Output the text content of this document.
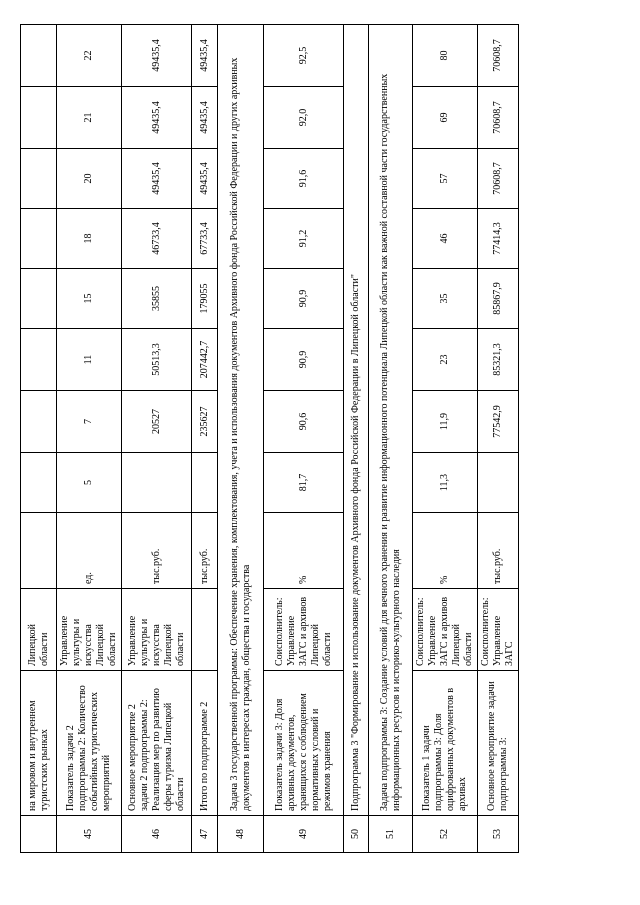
	на мировом и внутреннем туристских рынках	Липецкой области									
45	Показатель задачи 2 подпрограммы 2: Количество событийных туристических мероприятий	Управление культуры и искусства Липецкой области	ед.	5	7	11	15	18	20	21	22
46	Основное мероприятие 2 задачи 2 подпрограммы 2: Реализация мер по развитию сферы туризма Липецкой области	Управление культуры и искусства Липецкой области	тыс.руб.		20527	50513,3	35855	46733,4	49435,4	49435,4	49435,4
47	Итого по подпрограмме 2		тыс.руб.		235627	207442,7	179055	67733,4	49435,4	49435,4	49435,4
48	Задача 3 государственной программы: Обеспечение хранения, комплектования, учета и использования документов Архивного фонда Российской Федерации и других архивных документов в интересах граждан, общества и государства										
49	Показатель задачи 3: Доля архивных документов, хранящихся с соблюдением нормативных условий и режимов хранения	Соисполнитель: Управление ЗАГС и архивов Липецкой области	%	81,7	90,6	90,9	90,9	91,2	91,6	92,0	92,5
50	Подпрограмма 3 "Формирование и использование документов Архивного фонда Российской Федерации в Липецкой области"										
51	Задача подпрограммы 3: Создание условий для вечного хранения и развитие информационного потенциала Липецкой области как важной составной части государственных информационных ресурсов и историко-культурного наследия										
52	Показатель 1 задачи подпрограммы 3: Доля оцифрованных документов в архивах	Соисполнитель: Управление ЗАГС и архивов Липецкой области	%	11,3	11,9	23	35	46	57	69	80
53	Основное мероприятие задачи подпрограммы 3:	Соисполнитель: Управление ЗАГС	тыс.руб.		77542,9	85321,3	85867,9	77414,3	70608,7	70608,7	70608,7
